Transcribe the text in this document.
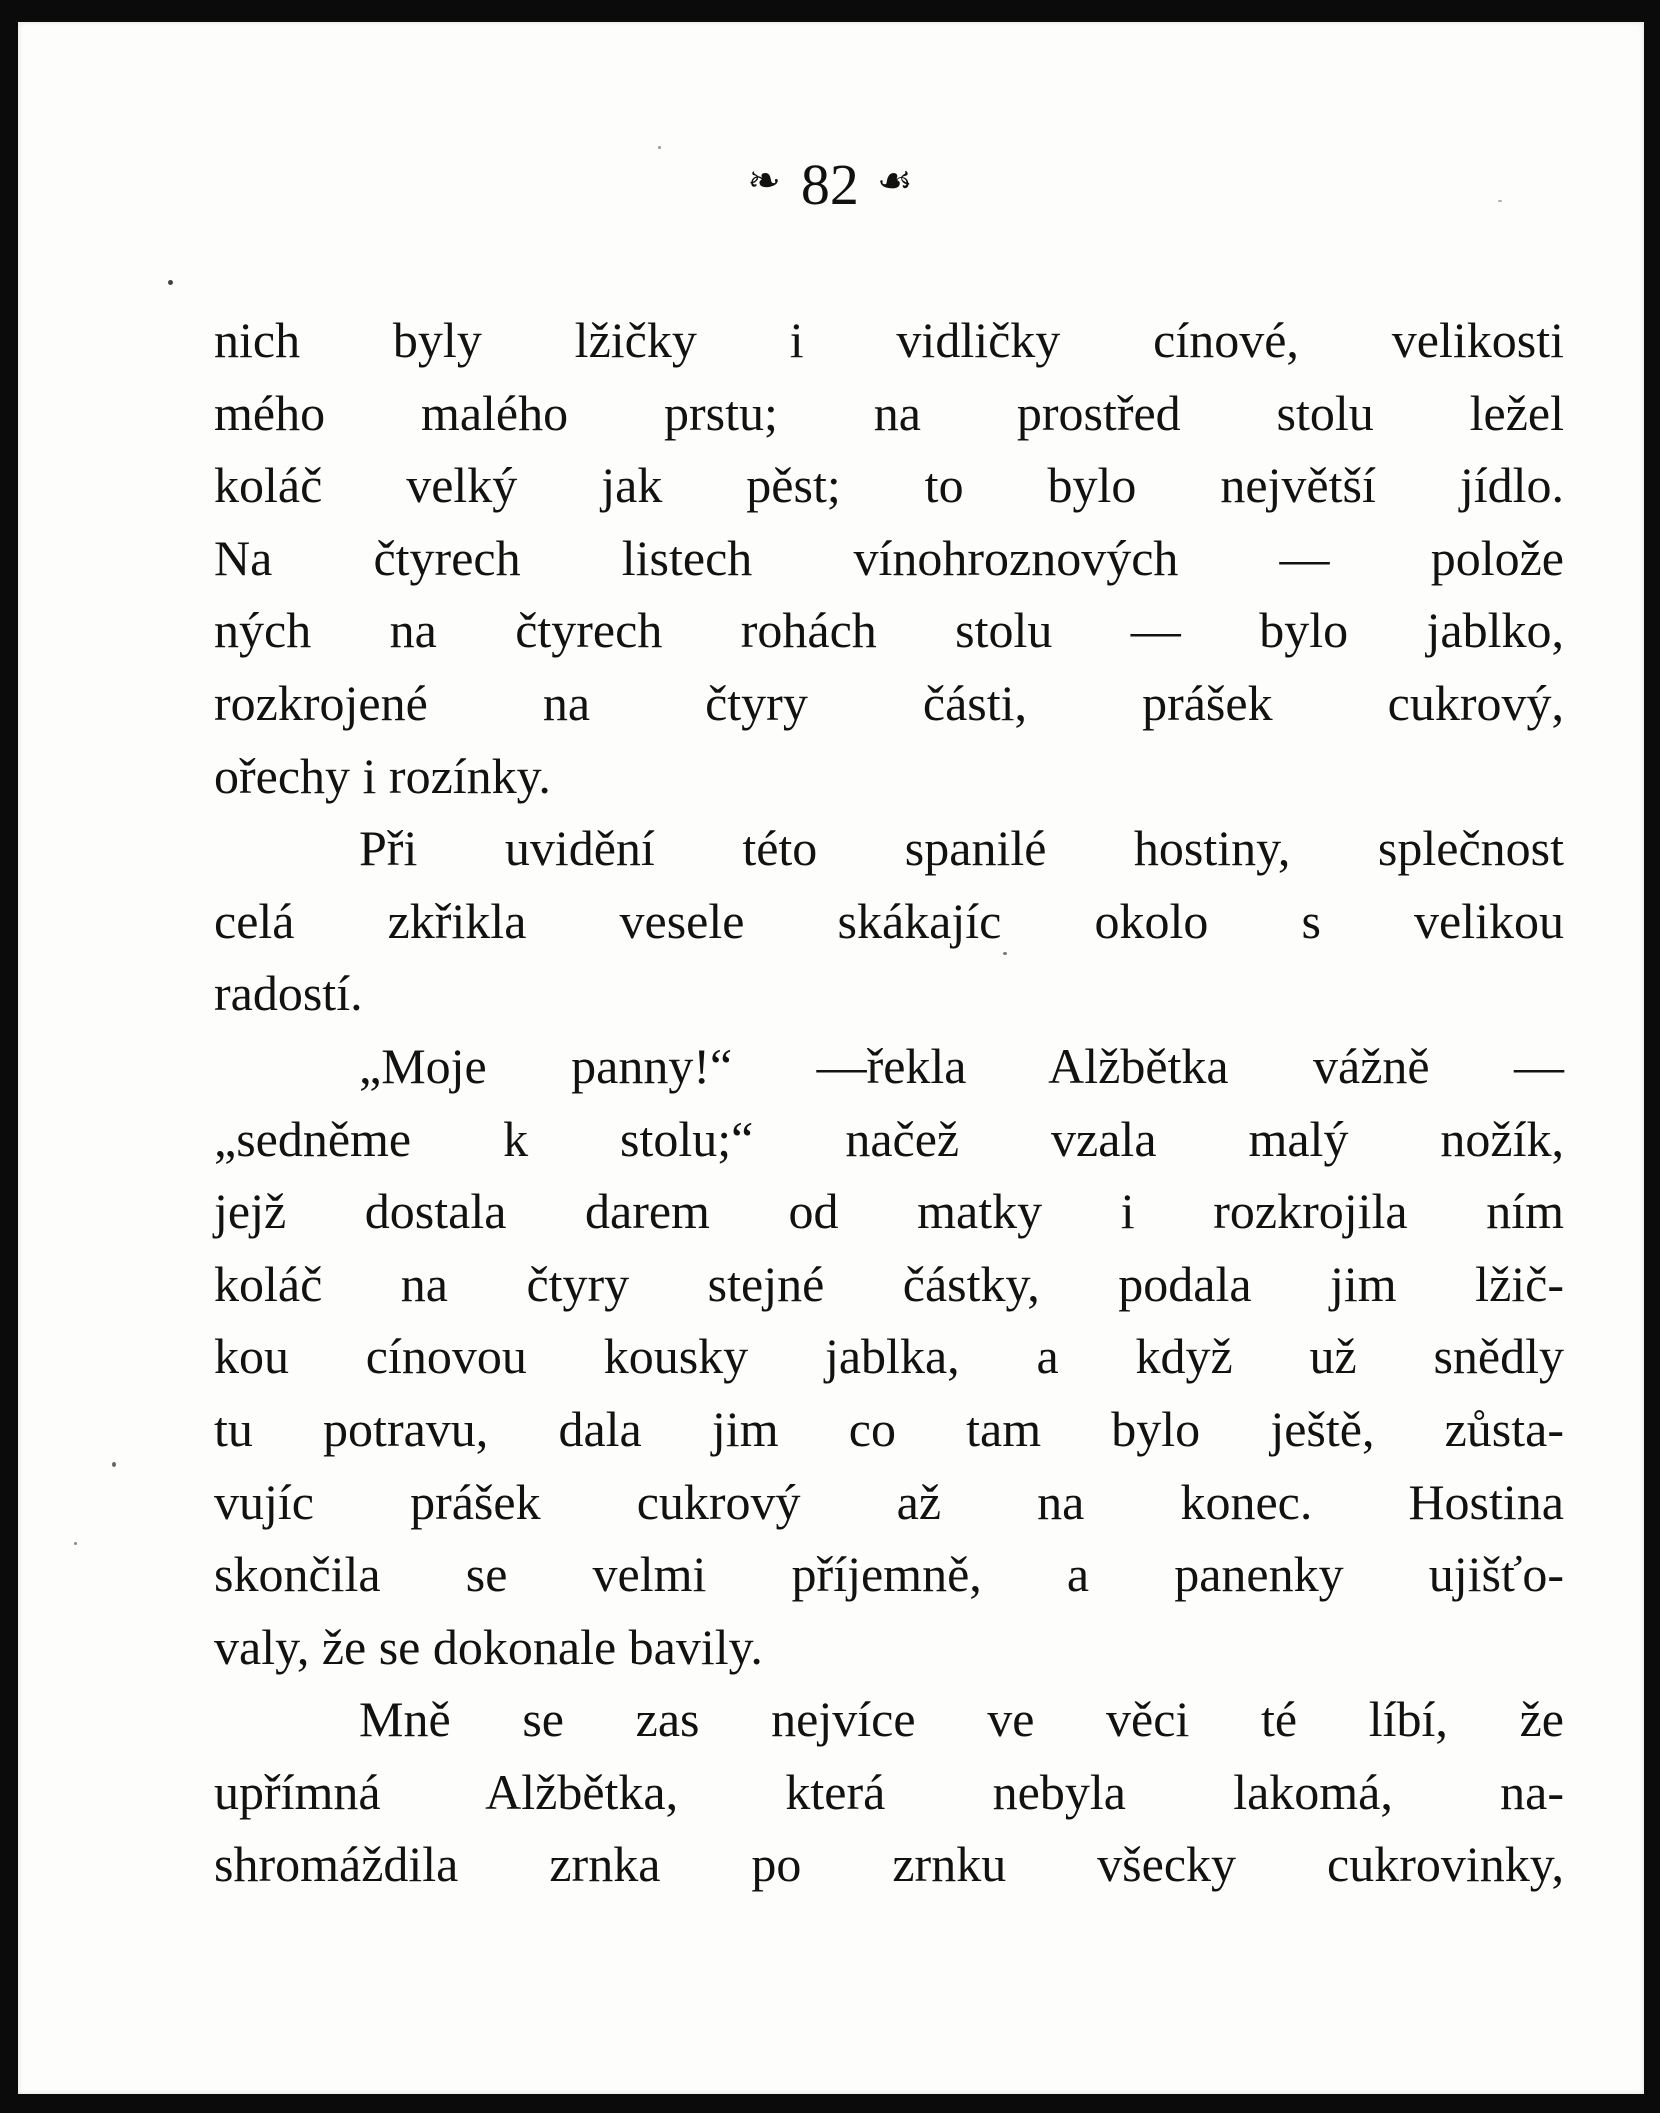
❧ 82 ☙
nich byly lžičky i vidličky cínové, velikosti
mého malého prstu; na prostřed stolu ležel
koláč velký jak pěst; to bylo největší jídlo.
Na čtyrech listech vínohroznových — polože
ných na čtyrech rohách stolu — bylo jablko,
rozkrojené na čtyry části, prášek cukrový,
ořechy i rozínky.
Při uvidění této spanilé hostiny, splečnost
celá zkřikla vesele skákajíc okolo s velikou
radostí.
„Moje panny!“ —řekla Alžbětka vážně —
„sedněme k stolu;“ načež vzala malý nožík,
jejž dostala darem od matky i rozkrojila ním
koláč na čtyry stejné částky, podala jim lžič-
kou cínovou kousky jablka, a když už snědly
tu potravu, dala jim co tam bylo ještě, zůsta-
vujíc prášek cukrový až na konec. Hostina
skončila se velmi příjemně, a panenky ujišťo-
valy, že se dokonale bavily.
Mně se zas nejvíce ve věci té líbí, že
upřímná Alžbětka, která nebyla lakomá, na-
shromáždila zrnka po zrnku všecky cukrovinky,
